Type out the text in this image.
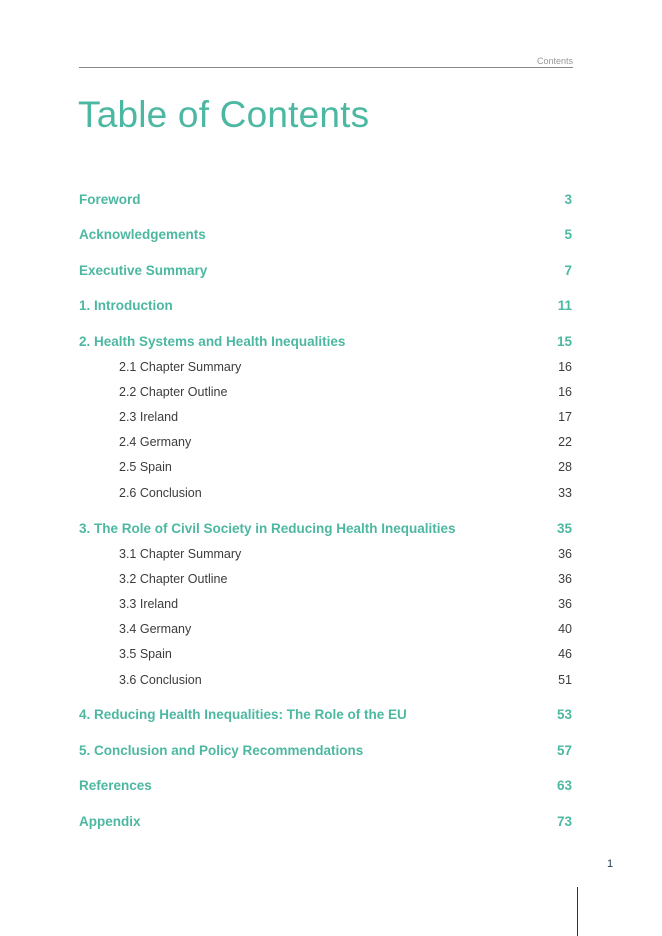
Contents
Table of Contents
Foreword	3
Acknowledgements	5
Executive Summary	7
1. Introduction	11
2. Health Systems and Health Inequalities	15
2.1 Chapter Summary	16
2.2 Chapter Outline	16
2.3 Ireland	17
2.4 Germany	22
2.5 Spain	28
2.6 Conclusion	33
3. The Role of Civil Society in Reducing Health Inequalities	35
3.1 Chapter Summary	36
3.2 Chapter Outline	36
3.3 Ireland	36
3.4 Germany	40
3.5 Spain	46
3.6 Conclusion	51
4. Reducing Health Inequalities: The Role of the EU	53
5. Conclusion and Policy Recommendations	57
References	63
Appendix	73
1
